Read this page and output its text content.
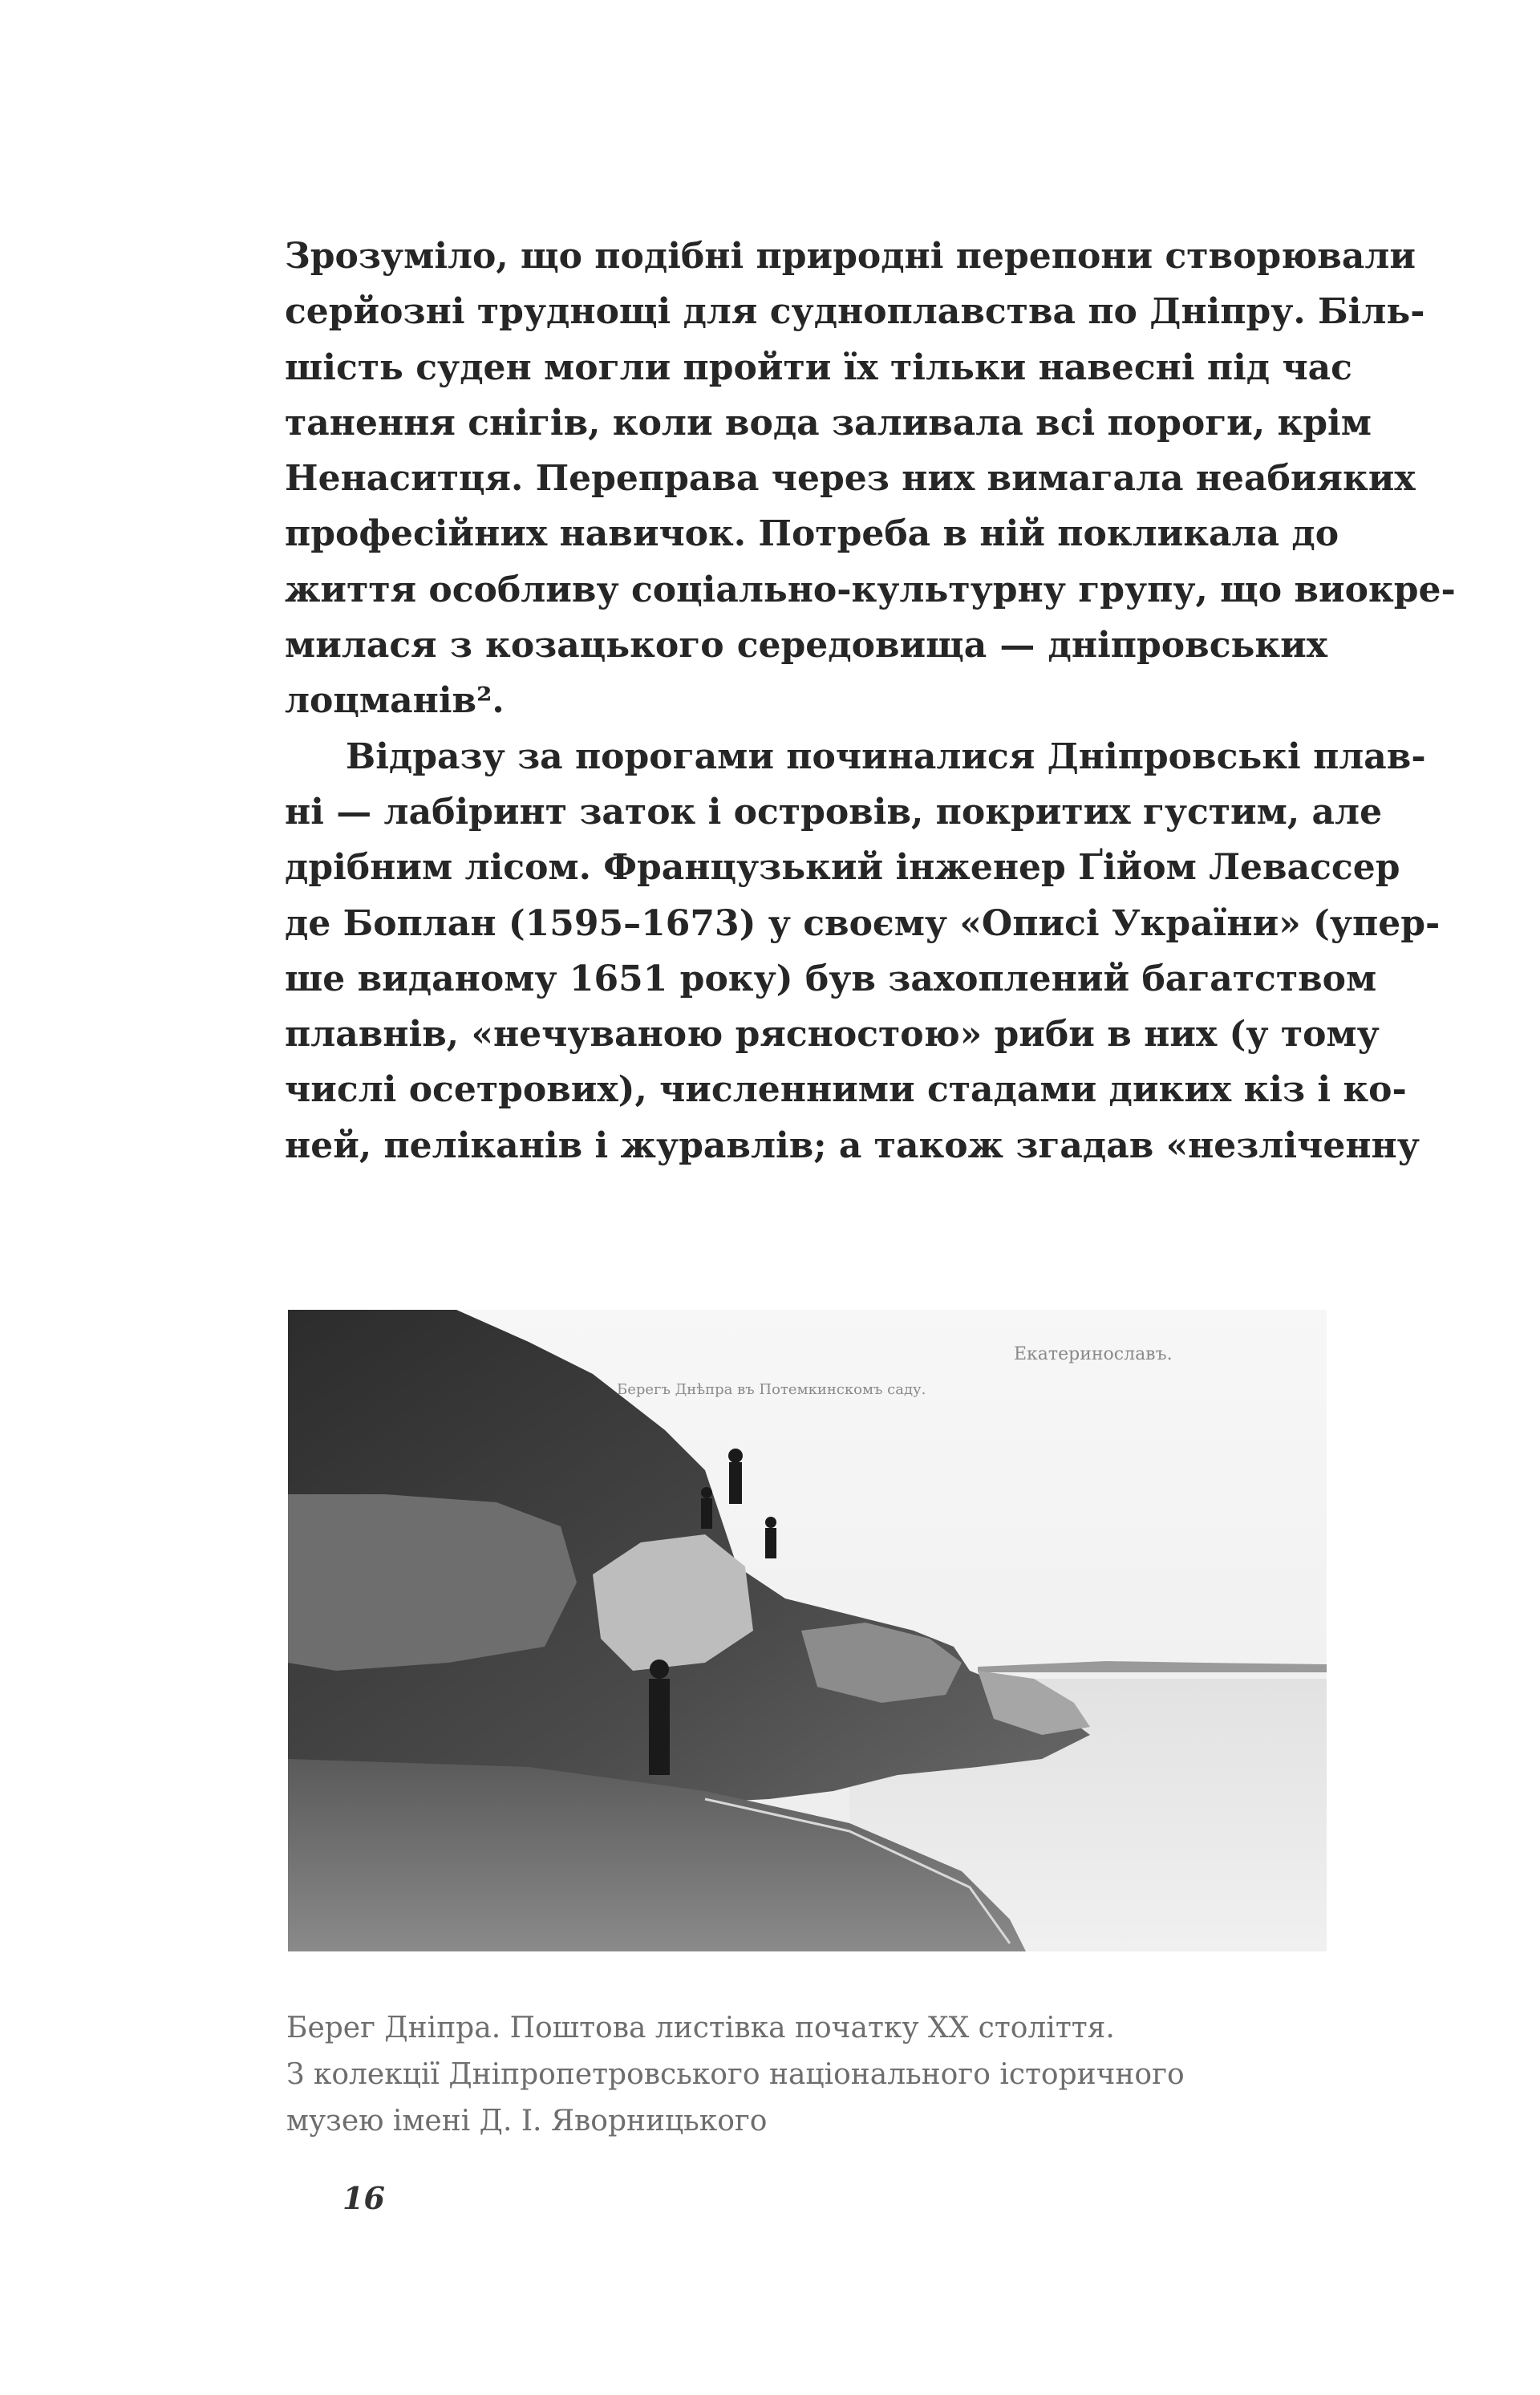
Зрозуміло, що подібні природні перепони створювали
серйозні труднощі для судноплавства по Дніпру. Біль-
шість суден могли пройти їх тільки навесні під час
танення снігів, коли вода заливала всі пороги, крім
Ненаситця. Переправа через них вимагала неабияких
професійних навичок. Потреба в ній покликала до
життя особливу соціально-культурну групу, що виокре-
милася з козацького середовища — дніпровських
лоцманів².
Відразу за порогами починалися Дніпровські плав-
ні — лабіринт заток і островів, покритих густим, але
дрібним лісом. Французький інженер Ґійом Левассер
де Боплан (1595–1673) у своєму «Описі України» (упер-
ше виданому 1651 року) був захоплений багатством
плавнів, «нечуваною рясностою» риби в них (у тому
числі осетрових), численними стадами диких кіз і ко-
ней, пеліканів і журавлів; а також згадав «незліченну
Екатеринославъ.
Берегъ Днѣпра въ Потемкинскомъ саду.
Берег Дніпра. Поштова листівка початку XX століття.
З колекції Дніпропетровського національного історичного
музею імені Д. І. Яворницького
16
